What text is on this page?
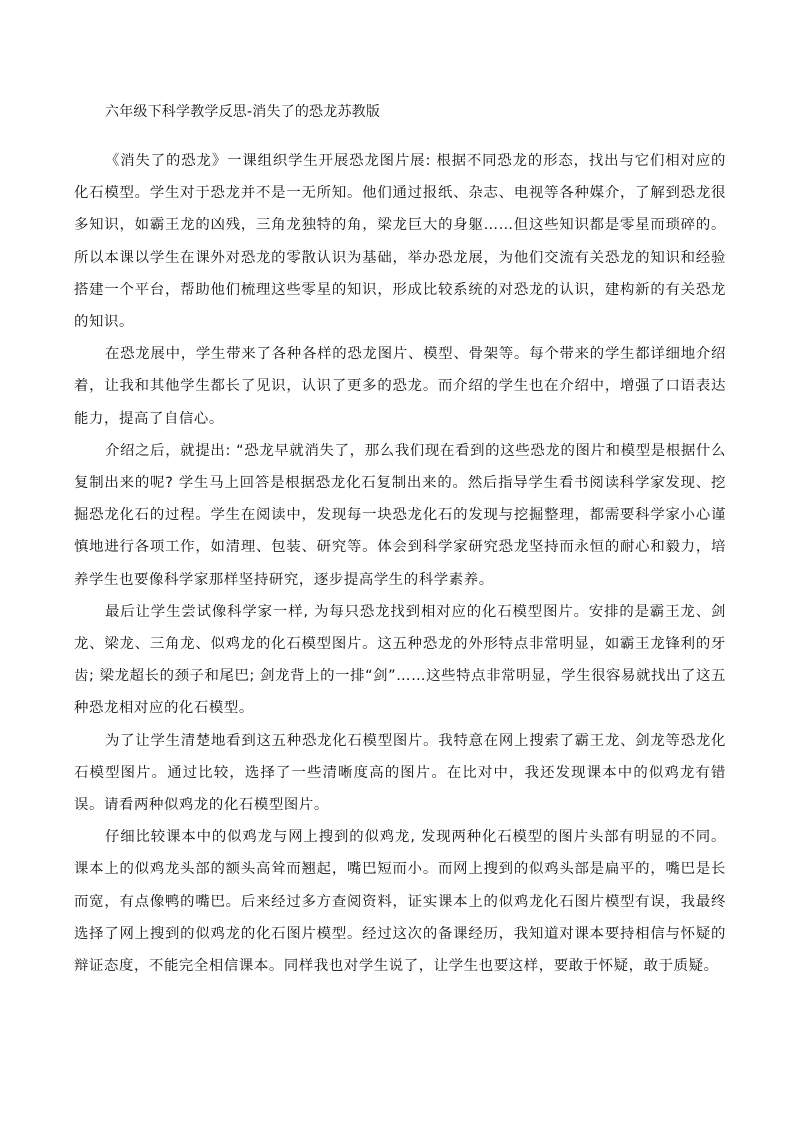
六年级下科学教学反思-消失了的恐龙苏教版

《消失了的恐龙》一课组织学生开展恐龙图片展: 根据不同恐龙的形态，找出与它们相对应的化石模型。学生对于恐龙并不是一无所知。他们通过报纸、杂志、电视等各种媒介，了解到恐龙很多知识，如霸王龙的凶残，三角龙独特的角，梁龙巨大的身躯……但这些知识都是零星而琐碎的。所以本课以学生在课外对恐龙的零散认识为基础，举办恐龙展，为他们交流有关恐龙的知识和经验搭建一个平台，帮助他们梳理这些零星的知识，形成比较系统的对恐龙的认识，建构新的有关恐龙的知识。

在恐龙展中，学生带来了各种各样的恐龙图片、模型、骨架等。每个带来的学生都详细地介绍着，让我和其他学生都长了见识，认识了更多的恐龙。而介绍的学生也在介绍中，增强了口语表达能力，提高了自信心。

介绍之后，就提出: “恐龙早就消失了，那么我们现在看到的这些恐龙的图片和模型是根据什么复制出来的呢? 学生马上回答是根据恐龙化石复制出来的。然后指导学生看书阅读科学家发现、挖掘恐龙化石的过程。学生在阅读中，发现每一块恐龙化石的发现与挖掘整理，都需要科学家小心谨慎地进行各项工作，如清理、包装、研究等。体会到科学家研究恐龙坚持而永恒的耐心和毅力，培养学生也要像科学家那样坚持研究，逐步提高学生的科学素养。

最后让学生尝试像科学家一样, 为每只恐龙找到相对应的化石模型图片。安排的是霸王龙、剑龙、梁龙、三角龙、似鸡龙的化石模型图片。这五种恐龙的外形特点非常明显，如霸王龙锋利的牙齿; 梁龙超长的颈子和尾巴; 剑龙背上的一排“剑”……这些特点非常明显，学生很容易就找出了这五种恐龙相对应的化石模型。

为了让学生清楚地看到这五种恐龙化石模型图片。我特意在网上搜索了霸王龙、剑龙等恐龙化石模型图片。通过比较，选择了一些清晰度高的图片。在比对中，我还发现课本中的似鸡龙有错误。请看两种似鸡龙的化石模型图片。

仔细比较课本中的似鸡龙与网上搜到的似鸡龙, 发现两种化石模型的图片头部有明显的不同。课本上的似鸡龙头部的额头高耸而翘起，嘴巴短而小。而网上搜到的似鸡头部是扁平的，嘴巴是长而宽，有点像鸭的嘴巴。后来经过多方查阅资料，证实课本上的似鸡龙化石图片模型有误，我最终选择了网上搜到的似鸡龙的化石图片模型。经过这次的备课经历，我知道对课本要持相信与怀疑的辩证态度，不能完全相信课本。同样我也对学生说了，让学生也要这样，要敢于怀疑，敢于质疑。
